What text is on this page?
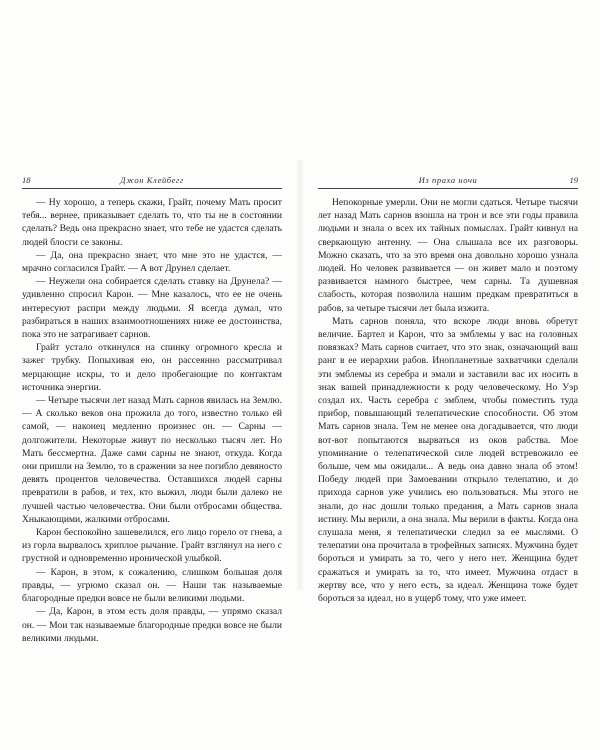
18	Джон Клейбегг

— Ну хорошо, а теперь скажи, Грайт, почему Мать просит тебя... вернее, приказывает сделать то, что ты не в состоянии сделать? Ведь она прекрасно знает, что тебе не удастся сделать людей блосги се законы.

— Да, она прекрасно знает, что мне это не удастся, — мрачно согласился Грайт. — А вот Друнел сделает.

— Неужели она собирается сделать ставку на Друнела? — удивленно спросил Карон. — Мне казалось, что ее не очень интересуют распри между людьми. Я всегда думал, что разбираться в наших взаимоотношениях ниже ее достоинства, пока это не затрагивает сарнов.

Грайт устало откинулся на спинку огромного кресла и зажег трубку. Попыхивая ею, он рассеянно рассматривал мерцающие искры, то и дело пробегающие по контактам источника энергии.

— Четыре тысячи лет назад Мать сарнов явилась на Землю. — А сколько веков она прожила до того, известно только ей самой, — наконец медленно произнес он. — Сарны — долгожители. Некоторые живут по несколько тысяч лет. Но Мать бессмертна. Даже сами сарны не знают, откуда. Когда они пришли на Землю, то в сражении за нее погибло девяносто девять процентов человечества. Оставшихся людей сарны превратили в рабов, и тех, кто выжил, люди были далеко не лучшей частью человечества. Они были отбросами общества. Хныкающими, жалкими отбросами.

Карон беспокойно зашевелился, его лицо горело от гнева, а из горла вырвалось хриплое рычание. Грайт взглянул на него с грустной и одновременно иронической улыбкой.

— Карон, в этом, к сожалению, слишком большая доля правды, — угрюмо сказал он. — Наши так называемые благородные предки вовсе не были великими людьми.

— Да, Карон, в этом есть доля правды, — упрямо сказал он. — Мои так называемые благородные предки вовсе не были великими людьми.

Из праха ночи	19

Непокорные умерли. Они не могли сдаться. Четыре тысячи лет назад Мать сарнов взошла на трон и все эти годы правила людьми и знала о всех их тайных помыслах. Грайт кивнул на сверкающую антенну. — Она слышала все их разговоры. Можно сказать, что за это время она довольно хорошо узнала людей. Но человек развивается — он живет мало и поэтому развивается намного быстрее, чем сарны. Та душевная слабость, которая позволила нашим предкам превратиться в рабов, за четыре тысячи лет была изжита.

Мать сарнов поняла, что вскоре люди вновь обретут величие. Бартел и Карон, что за эмблемы у вас на головных повязках? Мать сарнов считает, что это знак, означающий ваш ранг в ее иерархии рабов. Инопланетные захватчики сделали эти эмблемы из серебра и эмали и заставили вас их носить в знак вашей принадлежности к роду человеческому. Но Уэр создал их. Часть серебра с эмблем, чтобы поместить туда прибор, повышающий телепатические способности. Об этом Мать сарнов знала. Тем не менее она догадывается, что люди вот-вот попытаются вырваться из оков рабства. Мое упоминание о телепатической силе людей встревожило ее больше, чем мы ожидали... А ведь она давно знала об этом! Победу людей при Замоевании открыло телепатию, и до прихода сарнов уже учились ею пользоваться. Мы этого не знали, до нас дошли только предания, а Мать сарнов знала истину. Мы верили, а она знала. Мы верили в факты. Когда она слушала меня, я телепатически следил за ее мыслями. О телепатии она прочитала в трофейных записях. Мужчина будет бороться и умирать за то, чего у него нет. Женщина будет сражаться и умирать за то, что имеет. Мужчина отдаст в жертву все, что у него есть, за идеал. Женщина тоже будет бороться за идеал, но в ущерб тому, что уже имеет.
